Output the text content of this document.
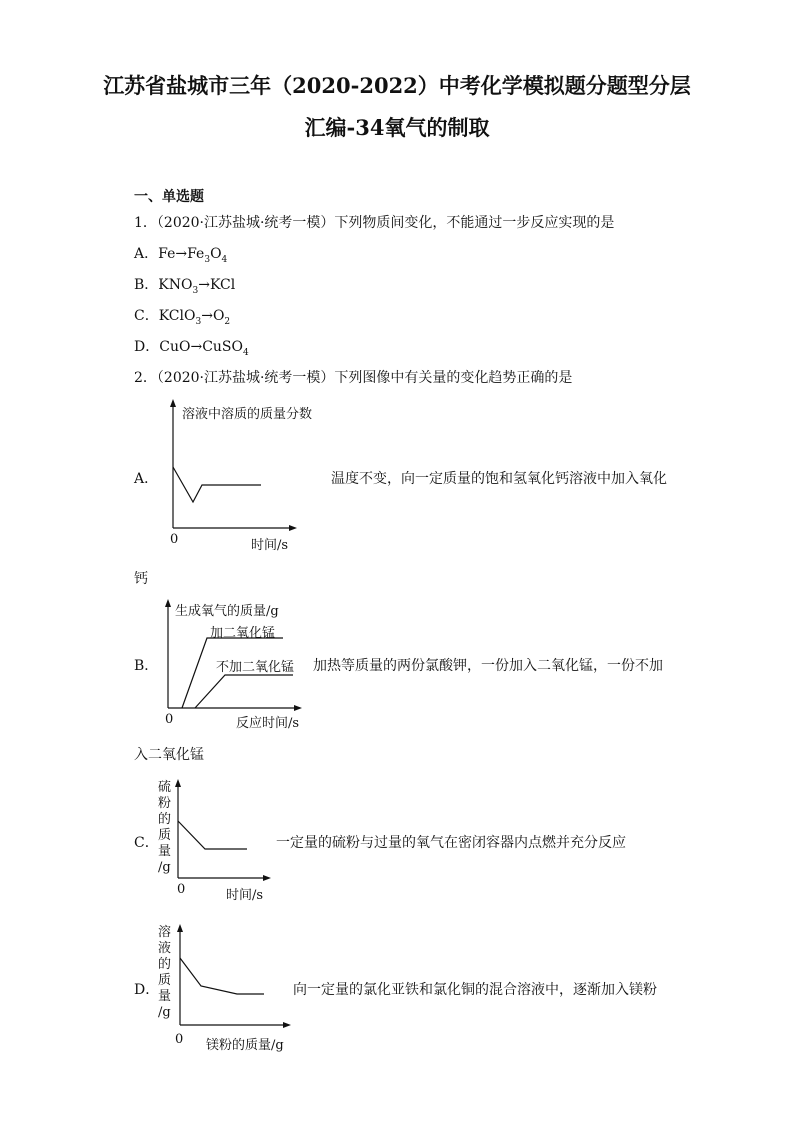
江苏省盐城市三年（2020-2022）中考化学模拟题分题型分层
汇编-34氧气的制取
一、单选题
1．（2020·江苏盐城·统考一模）下列物质间变化，不能通过一步反应实现的是
A．$Fe\to Fe_3O_4$
B．$KNO_3\to KCl$
C．$KClO_3\to O_2$
D．CuO→CuSO$_4$
2．（2020·江苏盐城·统考一模）下列图像中有关量的变化趋势正确的是
A．
溶液中溶质的质量分数
0	时间/s
温度不变，向一定质量的饱和氢氧化钙溶液中加入氧化
钙
B．
生成氧气的质量/g
加二氧化锰
不加二氧化锰
0	反应时间/s
加热等质量的两份氯酸钾，一份加入二氧化锰，一份不加
入二氧化锰
C．
硫
粉
的
质
量
/g
0	时间/s
一定量的硫粉与过量的氧气在密闭容器内点燃并充分反应
D．
溶
液
的
质
量
/g
0 镁粉的质量/g
向一定量的氯化亚铁和氯化铜的混合溶液中，逐渐加入镁粉
